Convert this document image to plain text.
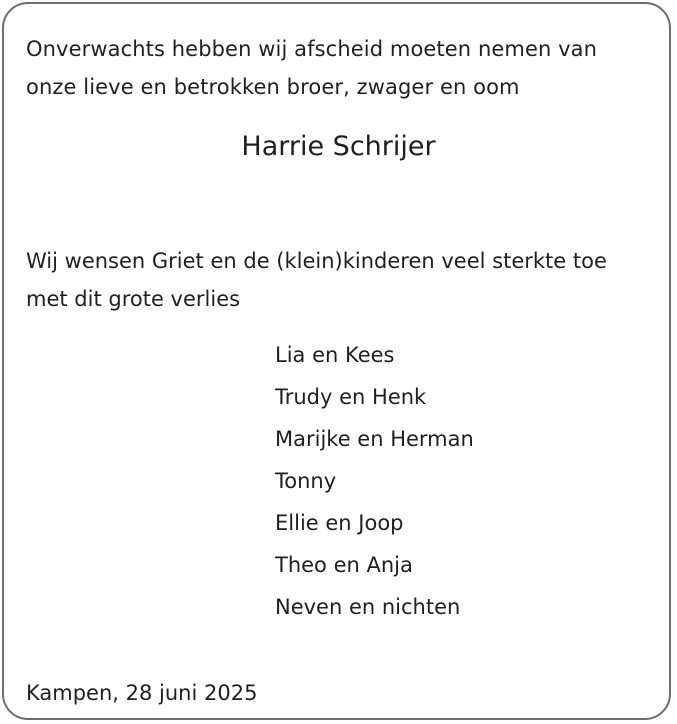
Onverwachts hebben wij afscheid moeten nemen van
onze lieve en betrokken broer, zwager en oom
Harrie Schrijer
Wij wensen Griet en de (klein)kinderen veel sterkte toe
met dit grote verlies
Lia en Kees
Trudy en Henk
Marijke en Herman
Tonny
Ellie en Joop
Theo en Anja
Neven en nichten
Kampen, 28 juni 2025
